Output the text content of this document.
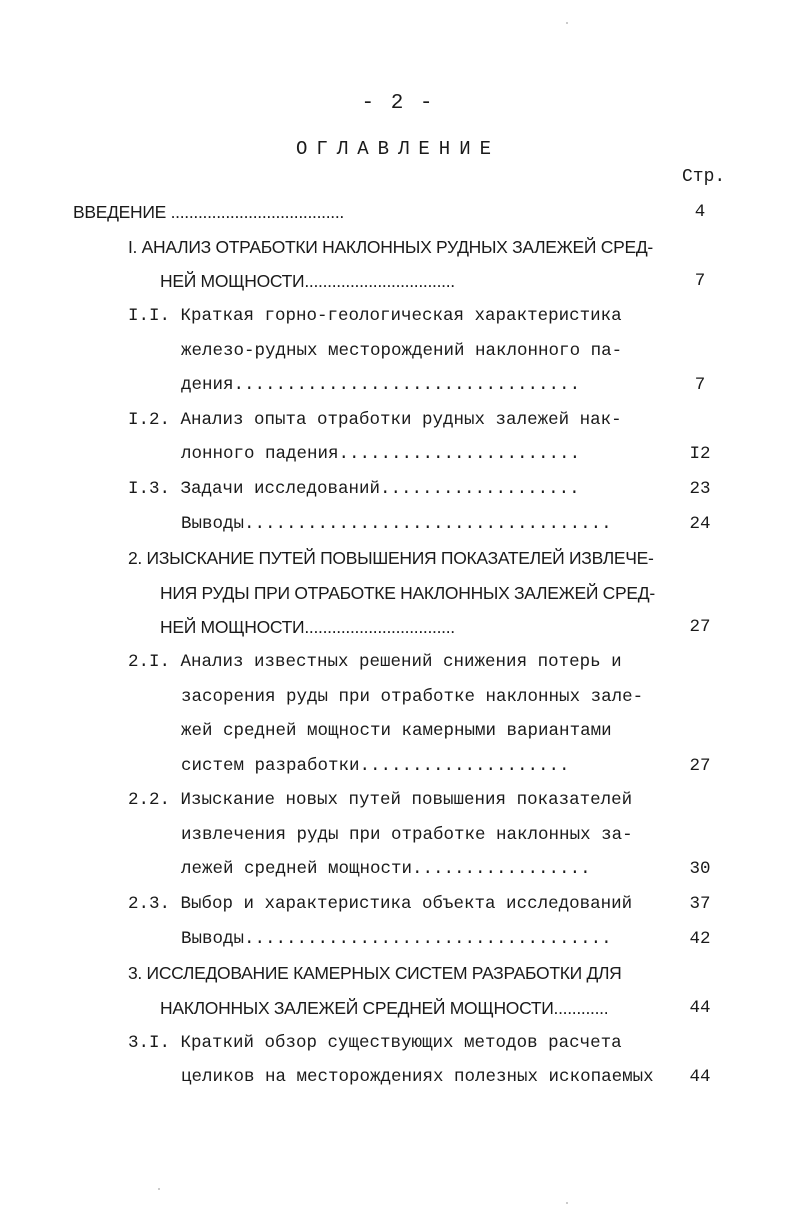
- 2 -
ОГЛАВЛЕНИЕ
Стр.
ВВЕДЕНИЕ ......................................	4
I. АНАЛИЗ ОТРАБОТКИ НАКЛОННЫХ РУДНЫХ ЗАЛЕЖЕЙ СРЕД-
НЕЙ МОЩНОСТИ.................................	7
I.I. Краткая горно-геологическая характеристика
железо-рудных месторождений наклонного па-
дения.................................	7
I.2. Анализ опыта отработки рудных залежей нак-
лонного падения.......................	I2
I.3. Задачи исследований...................	23
Выводы...................................	24
2. ИЗЫСКАНИЕ ПУТЕЙ ПОВЫШЕНИЯ ПОКАЗАТЕЛЕЙ ИЗВЛЕЧЕ-
НИЯ РУДЫ ПРИ ОТРАБОТКЕ НАКЛОННЫХ ЗАЛЕЖЕЙ СРЕД-
НЕЙ МОЩНОСТИ.................................	27
2.I. Анализ известных решений снижения потерь и
засорения руды при отработке наклонных зале-
жей средней мощности камерными вариантами
систем разработки....................	27
2.2. Изыскание новых путей повышения показателей
извлечения руды при отработке наклонных за-
лежей средней мощности.................	30
2.3. Выбор и характеристика объекта исследований	37
Выводы...................................	42
3. ИССЛЕДОВАНИЕ КАМЕРНЫХ СИСТЕМ РАЗРАБОТКИ ДЛЯ
НАКЛОННЫХ ЗАЛЕЖЕЙ СРЕДНЕЙ МОЩНОСТИ............	44
3.I. Краткий обзор существующих методов расчета
целиков на месторождениях полезных ископаемых	44
